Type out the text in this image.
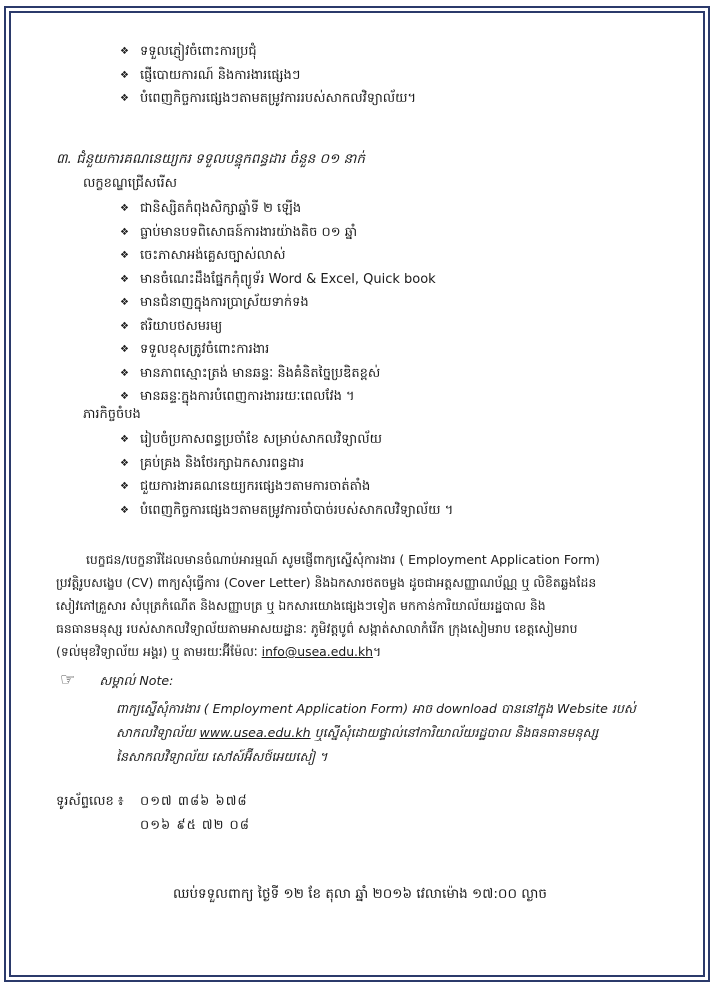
❖ ទទួលភ្ញៀវចំពោះការប្រជុំ
❖ ផ្ញើបោយការណ៍ និងការងារផ្សេងៗ
❖ បំពេញកិច្ចការផ្សេងៗតាមតម្រូវការរបស់សាកលវិទ្យាល័យ។
៣. ជំនួយការគណនេយ្យករ ទទួលបន្ទុកពន្ធដារ ចំនួន ០១ នាក់
លក្ខខណ្ឌជ្រើសរើស
❖ ជានិស្សិតកំពុងសិក្សាឆ្នាំទី ២ ឡើង
❖ ធ្លាប់មានបទពិសោធន៍ការងារយ៉ាងតិច ០១ ឆ្នាំ
❖ ចេះភាសាអង់គ្លេសច្បាស់លាស់
❖ មានចំណេះដឹងផ្នែកកុំព្យូទ័រ Word & Excel, Quick book
❖ មានជំនាញក្នុងការប្រាស្រ័យទាក់ទង
❖ ឥរិយាបថសមរម្យ
❖ ទទួលខុសត្រូវចំពោះការងារ
❖ មានភាពស្មោះត្រង់ មានឆន្ទៈ និងគំនិតច្នៃប្រឌិតខ្ពស់
❖ មានឆន្ទៈក្នុងការបំពេញការងាររយៈពេលវែង ។
ភារកិច្ចចំបង
❖ រៀបចំប្រកាសពន្ធប្រចាំខែ សម្រាប់សាកលវិទ្យាល័យ
❖ គ្រប់គ្រង និងថែរក្សាឯកសារពន្ធដារ
❖ ជួយការងារគណនេយ្យករផ្សេងៗតាមការចាត់តាំង
❖ បំពេញកិច្ចការផ្សេងៗតាមតម្រូវការចាំបាច់របស់សាកលវិទ្យាល័យ ។
បេក្ខជន/បេក្ខនារីដែលមានចំណាប់អារម្មណ៍ សូមផ្ញើពាក្យស្នើសុំការងារ ( Employment Application Form)
ប្រវត្តិរូបសង្ខេប (CV) ពាក្យសុំធ្វើការ (Cover Letter) និងឯកសារថតចម្លង ដូចជាអត្តសញ្ញាណប័ណ្ណ ឬ លិខិតឆ្លងដែន
សៀវភៅគ្រួសារ សំបុត្រកំណើត និងសញ្ញាបត្រ ឬ ឯកសារយោងផ្សេងៗទៀត មកកាន់ការិយាល័យរដ្ឋបាល និង
ធនធានមនុស្ស របស់សាកលវិទ្យាល័យតាមអាសយដ្ឋានៈ ភូមិវត្តបូព៌ សង្កាត់សាលាកំរើក ក្រុងសៀមរាប ខេត្តសៀមរាប
(ទល់មុខវិទ្យាល័យ អង្គរ) ឬ តាមរយៈអ៊ីម៉ែលៈ info@usea.edu.kh។
☞ សម្គាល់ Note:
ពាក្យស្នើសុំការងារ ( Employment Application Form) អាច download បាននៅក្នុង Website របស់
សាកលវិទ្យាល័យ www.usea.edu.kh ឬស្នើសុំដោយផ្ទាល់នៅការិយាល័យរដ្ឋបាល និងធនធានមនុស្ស
នៃសាកលវិទ្យាល័យ សៅស៍អ៊ីសថ៍អេយសៀ ។
ទូរស័ព្ទលេខ ៖ ០១៧ ៣៨៦ ៦៧៨
០១៦ ៩៥ ៧២ ០៨
ឈប់ទទួលពាក្យ ថ្ងៃទី ១២ ខែ តុលា ឆ្នាំ ២០១៦ វេលាម៉ោង ១៧:០០ ល្ងាច
